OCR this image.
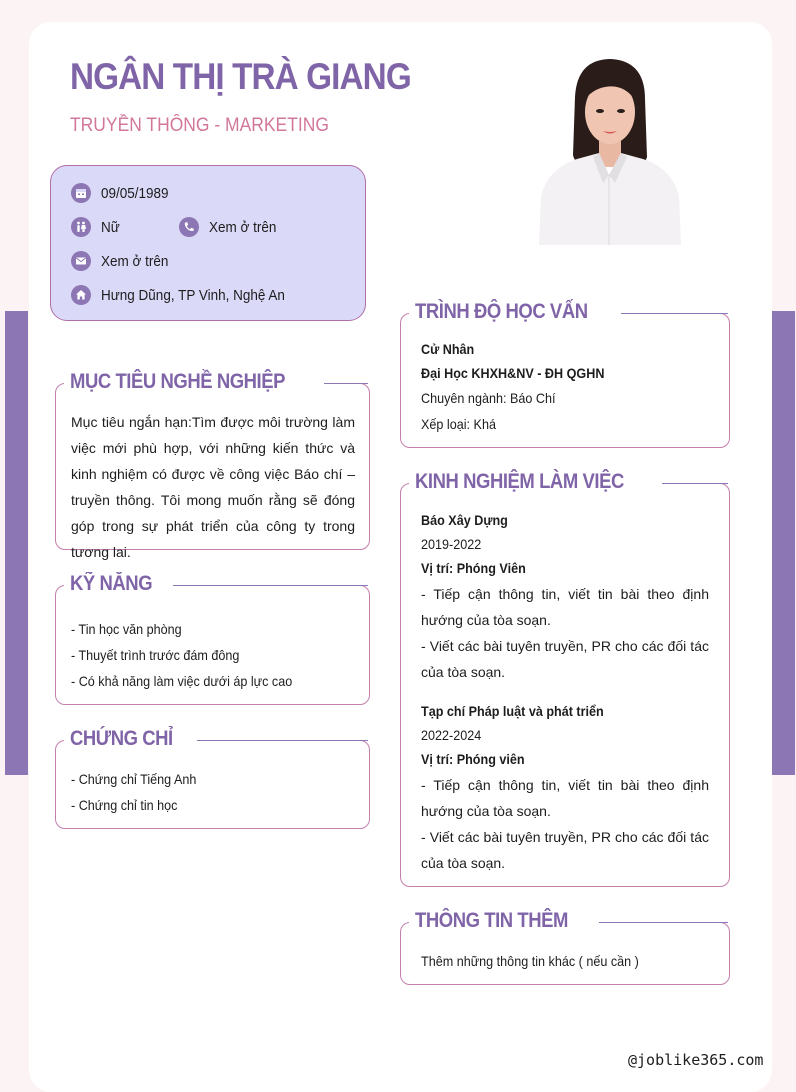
NGÂN THỊ TRÀ GIANG
TRUYỀN THÔNG - MARKETING
09/05/1989
Nữ	Xem ở trên
Xem ở trên
Hưng Dũng, TP Vinh, Nghệ An
MỤC TIÊU NGHỀ NGHIỆP
Mục tiêu ngắn hạn:Tìm được môi trường làm việc mới phù hợp, với những kiến thức và kinh nghiệm có được về công việc Báo chí – truyền thông. Tôi mong muốn rằng sẽ đóng góp trong sự phát triển của công ty trong tương lai.
KỸ NĂNG
- Tin học văn phòng
- Thuyết trình trước đám đông
- Có khả năng làm việc dưới áp lực cao
CHỨNG CHỈ
- Chứng chỉ Tiếng Anh
- Chứng chỉ tin học
TRÌNH ĐỘ HỌC VẤN
Cử Nhân
Đại Học KHXH&NV - ĐH QGHN
Chuyên ngành: Báo Chí
Xếp loại: Khá
KINH NGHIỆM LÀM VIỆC
Báo Xây Dựng
2019-2022
Vị trí: Phóng Viên
- Tiếp cận thông tin, viết tin bài theo định hướng của tòa soạn.
- Viết các bài tuyên truyền, PR cho các đối tác của tòa soạn.
Tạp chí Pháp luật và phát triển
2022-2024
Vị trí: Phóng viên
- Tiếp cận thông tin, viết tin bài theo định hướng của tòa soạn.
- Viết các bài tuyên truyền, PR cho các đối tác của tòa soạn.
THÔNG TIN THÊM
Thêm những thông tin khác ( nếu cần )
@joblike365.com
